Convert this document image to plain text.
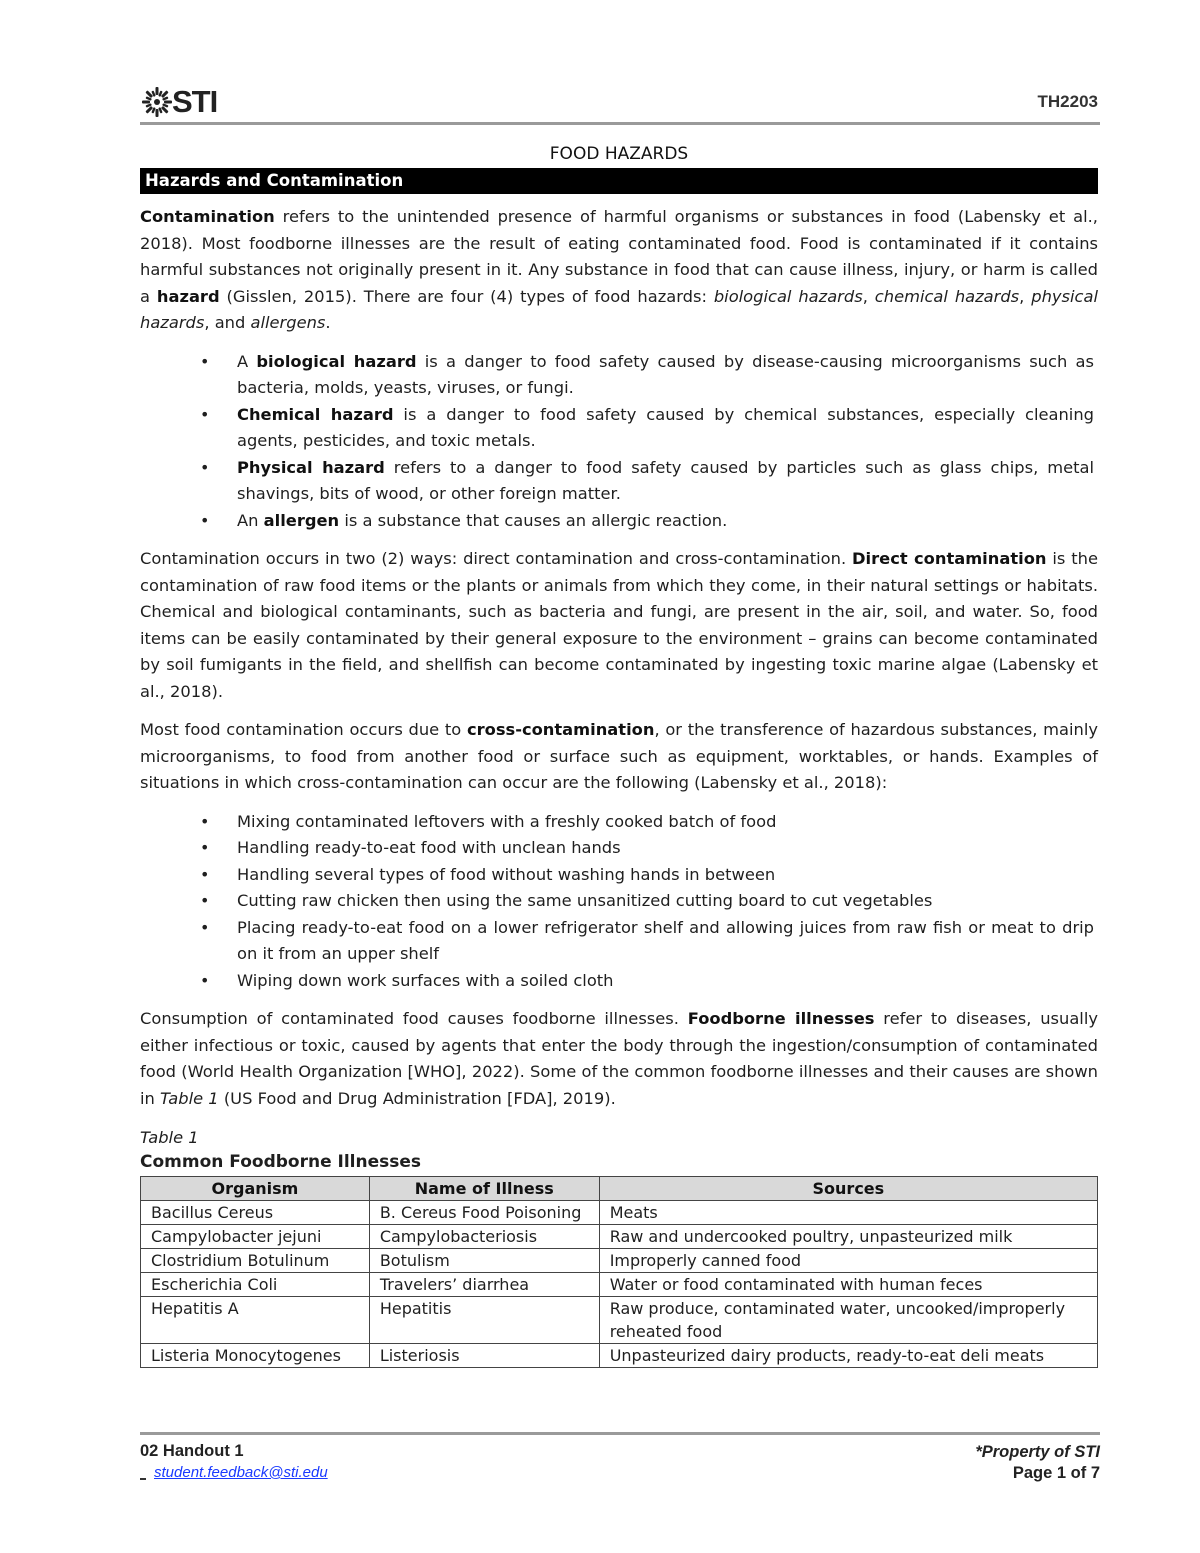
STI	TH2203
FOOD HAZARDS
Hazards and Contamination

Contamination refers to the unintended presence of harmful organisms or substances in food (Labensky et al., 2018). Most foodborne illnesses are the result of eating contaminated food. Food is contaminated if it contains harmful substances not originally present in it. Any substance in food that can cause illness, injury, or harm is called a hazard (Gisslen, 2015). There are four (4) types of food hazards: biological hazards, chemical hazards, physical hazards, and allergens.

• A biological hazard is a danger to food safety caused by disease-causing microorganisms such as bacteria, molds, yeasts, viruses, or fungi.
• Chemical hazard is a danger to food safety caused by chemical substances, especially cleaning agents, pesticides, and toxic metals.
• Physical hazard refers to a danger to food safety caused by particles such as glass chips, metal shavings, bits of wood, or other foreign matter.
• An allergen is a substance that causes an allergic reaction.

Contamination occurs in two (2) ways: direct contamination and cross-contamination. Direct contamination is the contamination of raw food items or the plants or animals from which they come, in their natural settings or habitats. Chemical and biological contaminants, such as bacteria and fungi, are present in the air, soil, and water. So, food items can be easily contaminated by their general exposure to the environment – grains can become contaminated by soil fumigants in the field, and shellfish can become contaminated by ingesting toxic marine algae (Labensky et al., 2018).

Most food contamination occurs due to cross-contamination, or the transference of hazardous substances, mainly microorganisms, to food from another food or surface such as equipment, worktables, or hands. Examples of situations in which cross-contamination can occur are the following (Labensky et al., 2018):

• Mixing contaminated leftovers with a freshly cooked batch of food
• Handling ready-to-eat food with unclean hands
• Handling several types of food without washing hands in between
• Cutting raw chicken then using the same unsanitized cutting board to cut vegetables
• Placing ready-to-eat food on a lower refrigerator shelf and allowing juices from raw fish or meat to drip on it from an upper shelf
• Wiping down work surfaces with a soiled cloth

Consumption of contaminated food causes foodborne illnesses. Foodborne illnesses refer to diseases, usually either infectious or toxic, caused by agents that enter the body through the ingestion/consumption of contaminated food (World Health Organization [WHO], 2022). Some of the common foodborne illnesses and their causes are shown in Table 1 (US Food and Drug Administration [FDA], 2019).

Table 1
Common Foodborne Illnesses
Organism	Name of Illness	Sources
Bacillus Cereus	B. Cereus Food Poisoning	Meats
Campylobacter jejuni	Campylobacteriosis	Raw and undercooked poultry, unpasteurized milk
Clostridium Botulinum	Botulism	Improperly canned food
Escherichia Coli	Travelers’ diarrhea	Water or food contaminated with human feces
Hepatitis A	Hepatitis	Raw produce, contaminated water, uncooked/improperly reheated food
Listeria Monocytogenes	Listeriosis	Unpasteurized dairy products, ready-to-eat deli meats
02 Handout 1
student.feedback@sti.edu
*Property of STI
Page 1 of 7
